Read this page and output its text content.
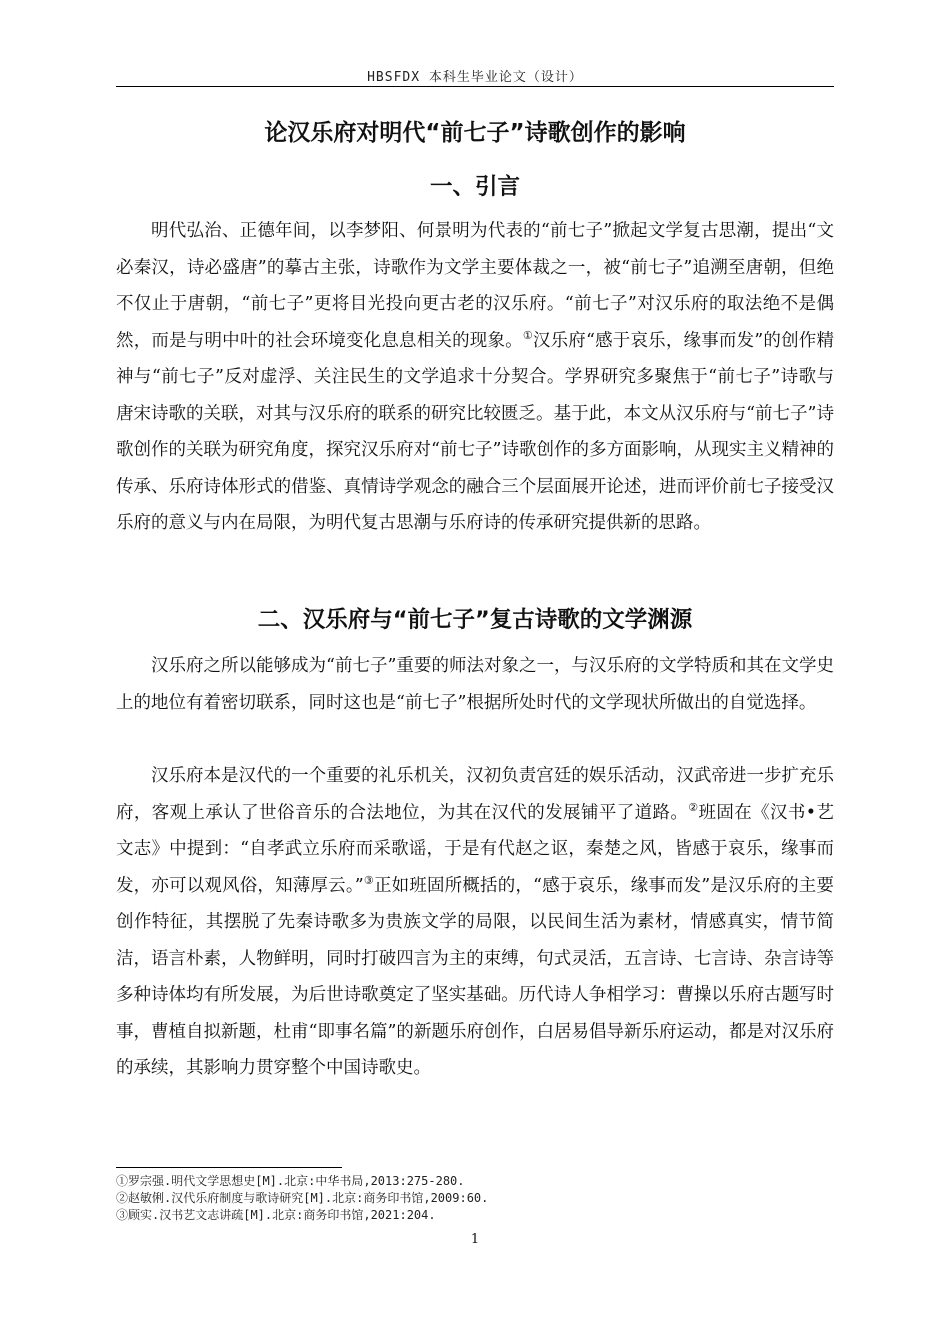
HBSFDX 本科生毕业论文（设计）
论汉乐府对明代“前七子”诗歌创作的影响
一、引言

明代弘治、正德年间，以李梦阳、何景明为代表的“前七子”掀起文学复古思潮，提出“文必秦汉，诗必盛唐”的摹古主张，诗歌作为文学主要体裁之一，被“前七子”追溯至唐朝，但绝不仅止于唐朝，“前七子”更将目光投向更古老的汉乐府。“前七子”对汉乐府的取法绝不是偶然，而是与明中叶的社会环境变化息息相关的现象。①汉乐府“感于哀乐，缘事而发”的创作精神与“前七子”反对虚浮、关注民生的文学追求十分契合。学界研究多聚焦于“前七子”诗歌与唐宋诗歌的关联，对其与汉乐府的联系的研究比较匮乏。基于此，本文从汉乐府与“前七子”诗歌创作的关联为研究角度，探究汉乐府对“前七子”诗歌创作的多方面影响，从现实主义精神的传承、乐府诗体形式的借鉴、真情诗学观念的融合三个层面展开论述，进而评价前七子接受汉乐府的意义与内在局限，为明代复古思潮与乐府诗的传承研究提供新的思路。

二、汉乐府与“前七子”复古诗歌的文学渊源

汉乐府之所以能够成为“前七子”重要的师法对象之一，与汉乐府的文学特质和其在文学史上的地位有着密切联系，同时这也是“前七子”根据所处时代的文学现状所做出的自觉选择。

汉乐府本是汉代的一个重要的礼乐机关，汉初负责宫廷的娱乐活动，汉武帝进一步扩充乐府，客观上承认了世俗音乐的合法地位，为其在汉代的发展铺平了道路。②班固在《汉书•艺文志》中提到：“自孝武立乐府而采歌谣，于是有代赵之讴，秦楚之风，皆感于哀乐，缘事而发，亦可以观风俗，知薄厚云。”③正如班固所概括的，“感于哀乐，缘事而发”是汉乐府的主要创作特征，其摆脱了先秦诗歌多为贵族文学的局限，以民间生活为素材，情感真实，情节简洁，语言朴素，人物鲜明，同时打破四言为主的束缚，句式灵活，五言诗、七言诗、杂言诗等多种诗体均有所发展，为后世诗歌奠定了坚实基础。历代诗人争相学习：曹操以乐府古题写时事，曹植自拟新题，杜甫“即事名篇”的新题乐府创作，白居易倡导新乐府运动，都是对汉乐府的承续，其影响力贯穿整个中国诗歌史。

①罗宗强.明代文学思想史[M].北京:中华书局,2013:275-280.
②赵敏俐.汉代乐府制度与歌诗研究[M].北京:商务印书馆,2009:60.
③顾实.汉书艺文志讲疏[M].北京:商务印书馆,2021:204.
1
